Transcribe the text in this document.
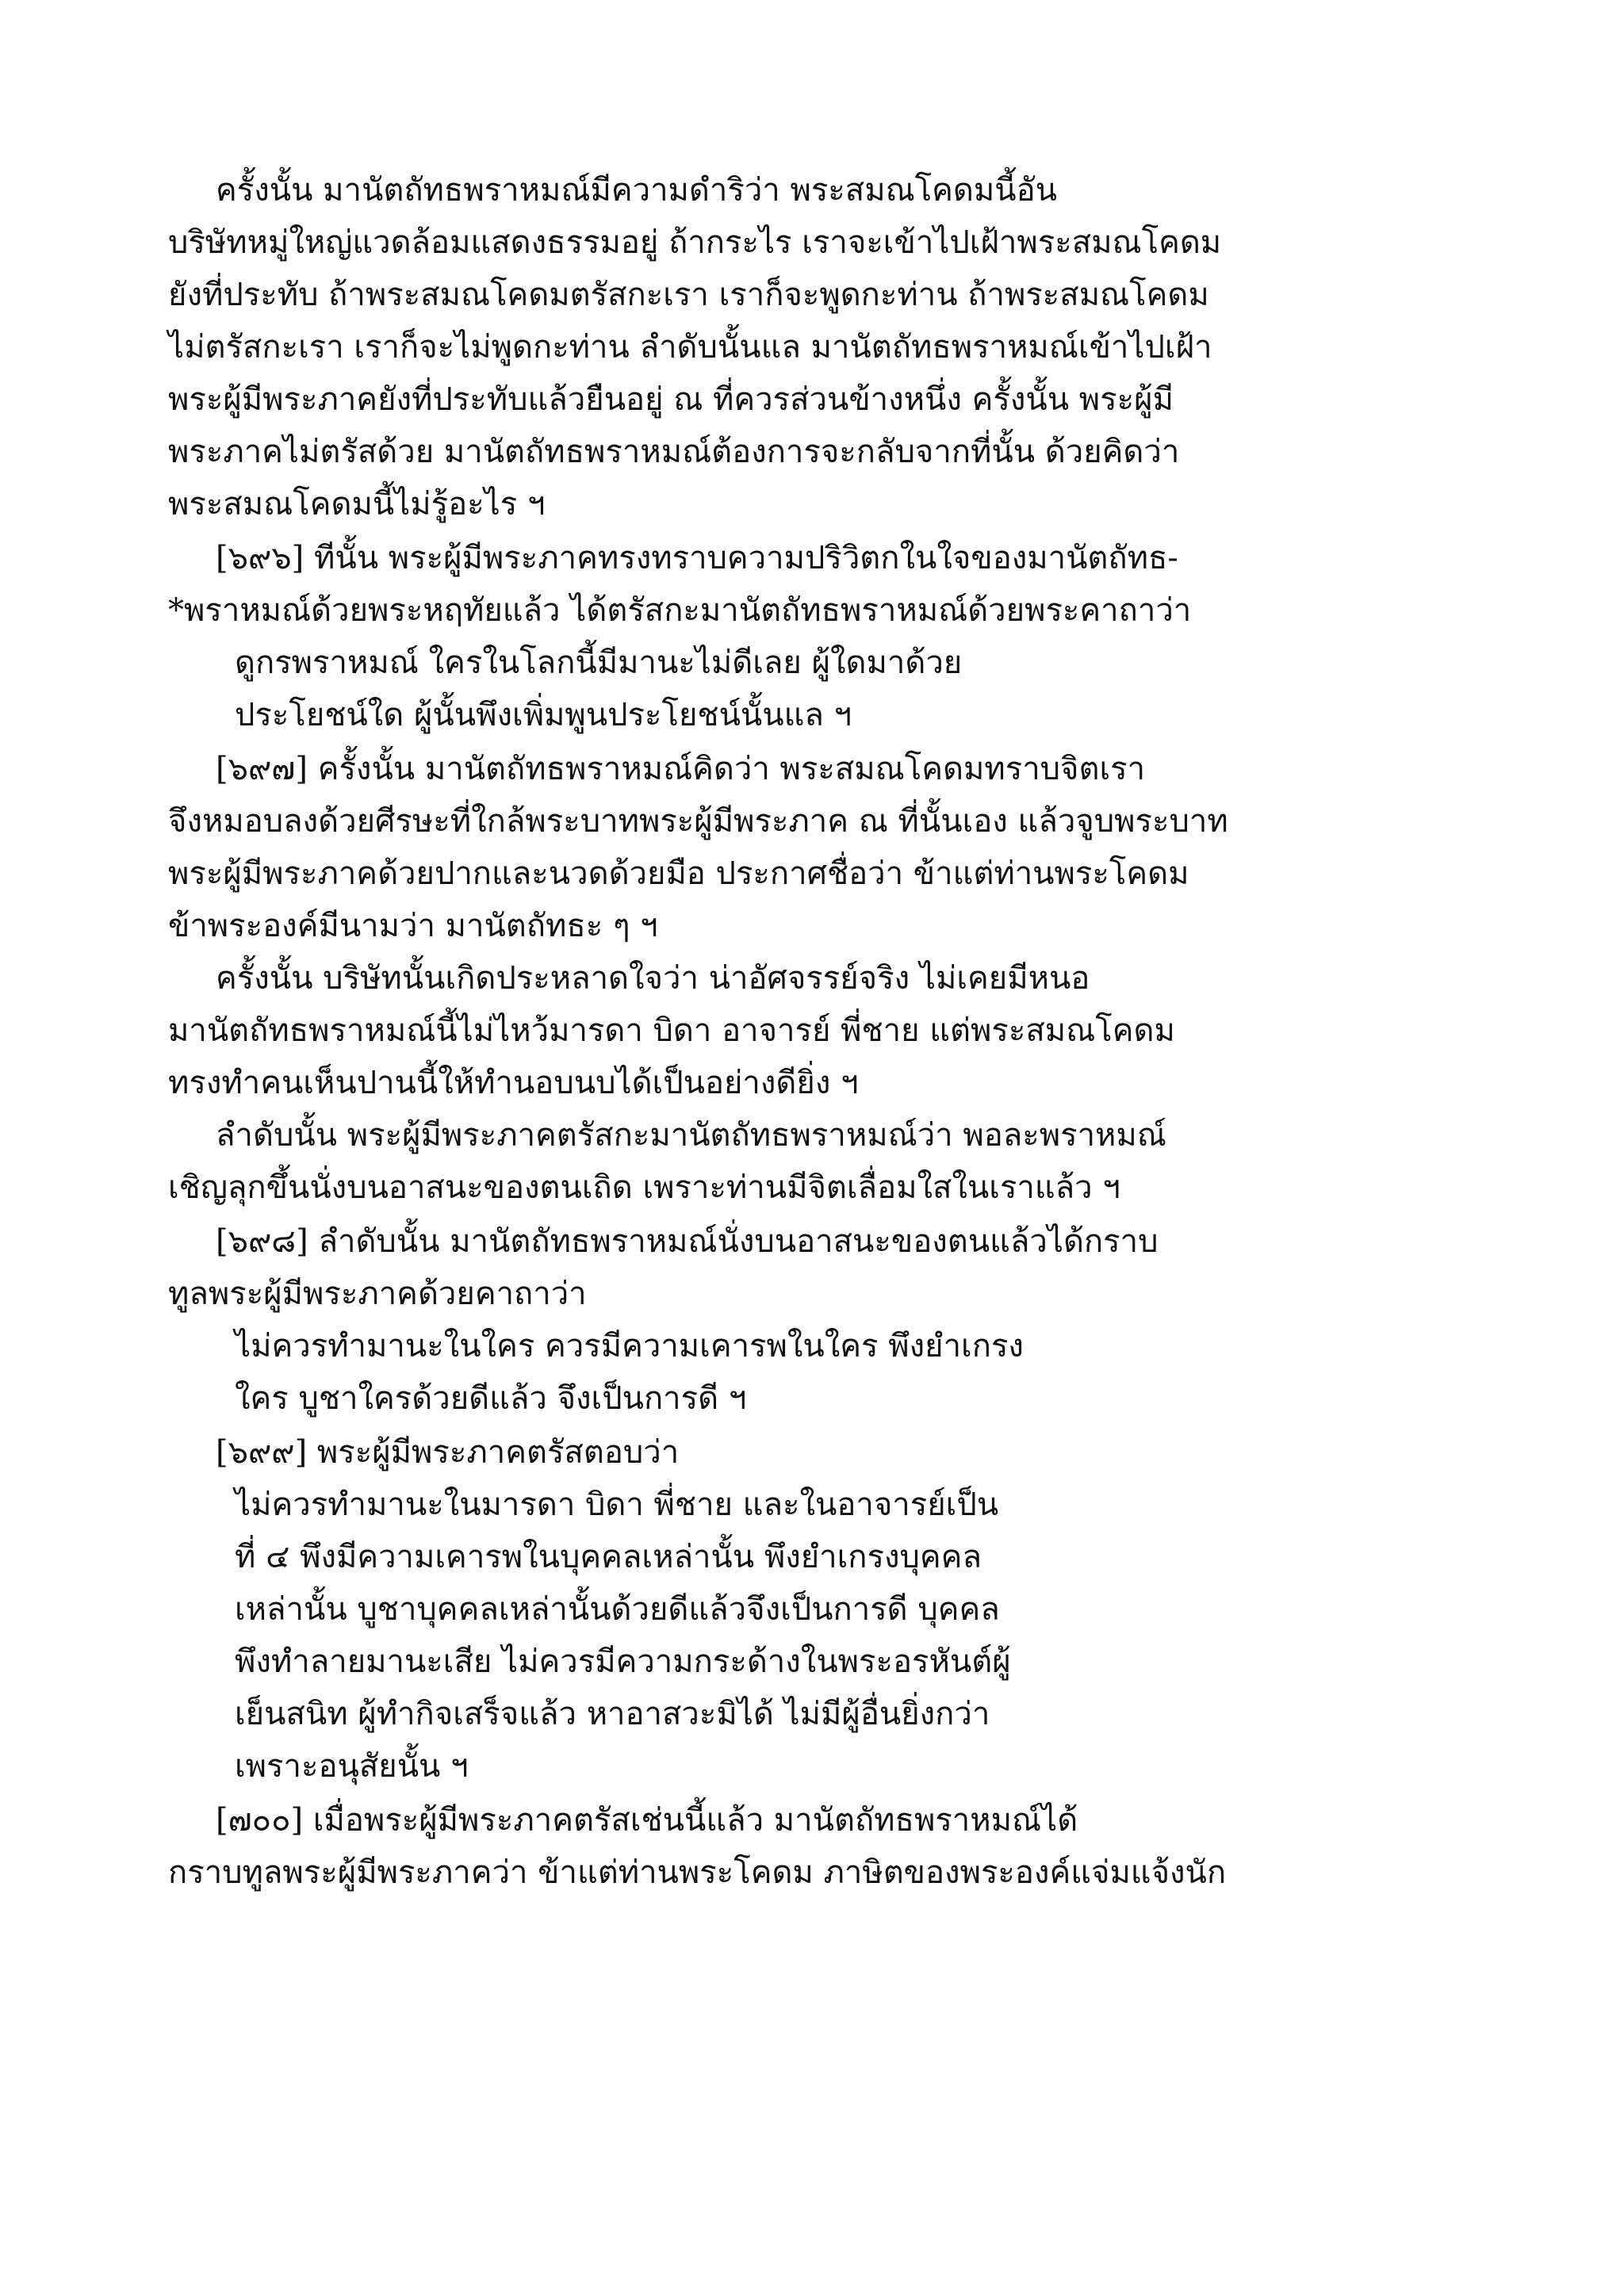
ครั้งนั้น มานัตถัทธพราหมณ์มีความดำริว่า พระสมณโคดมนี้อัน
บริษัทหมู่ใหญ่แวดล้อมแสดงธรรมอยู่ ถ้ากระไร เราจะเข้าไปเฝ้าพระสมณโคดม
ยังที่ประทับ ถ้าพระสมณโคดมตรัสกะเรา เราก็จะพูดกะท่าน ถ้าพระสมณโคดม
ไม่ตรัสกะเรา เราก็จะไม่พูดกะท่าน ลำดับนั้นแล มานัตถัทธพราหมณ์เข้าไปเฝ้า
พระผู้มีพระภาคยังที่ประทับแล้วยืนอยู่ ณ ที่ควรส่วนข้างหนึ่ง ครั้งนั้น พระผู้มี
พระภาคไม่ตรัสด้วย มานัตถัทธพราหมณ์ต้องการจะกลับจากที่นั้น ด้วยคิดว่า
พระสมณโคดมนี้ไม่รู้อะไร ฯ
[๖๙๖] ทีนั้น พระผู้มีพระภาคทรงทราบความปริวิตกในใจของมานัตถัทธ-
*พราหมณ์ด้วยพระหฤทัยแล้ว ได้ตรัสกะมานัตถัทธพราหมณ์ด้วยพระคาถาว่า
ดูกรพราหมณ์ ใครในโลกนี้มีมานะไม่ดีเลย ผู้ใดมาด้วย
ประโยชน์ใด ผู้นั้นพึงเพิ่มพูนประโยชน์นั้นแล ฯ
[๖๙๗] ครั้งนั้น มานัตถัทธพราหมณ์คิดว่า พระสมณโคดมทราบจิตเรา
จึงหมอบลงด้วยศีรษะที่ใกล้พระบาทพระผู้มีพระภาค ณ ที่นั้นเอง แล้วจูบพระบาท
พระผู้มีพระภาคด้วยปากและนวดด้วยมือ ประกาศชื่อว่า ข้าแต่ท่านพระโคดม
ข้าพระองค์มีนามว่า มานัตถัทธะ ๆ ฯ
ครั้งนั้น บริษัทนั้นเกิดประหลาดใจว่า น่าอัศจรรย์จริง ไม่เคยมีหนอ
มานัตถัทธพราหมณ์นี้ไม่ไหว้มารดา บิดา อาจารย์ พี่ชาย แต่พระสมณโคดม
ทรงทำคนเห็นปานนี้ให้ทำนอบนบได้เป็นอย่างดียิ่ง ฯ
ลำดับนั้น พระผู้มีพระภาคตรัสกะมานัตถัทธพราหมณ์ว่า พอละพราหมณ์
เชิญลุกขึ้นนั่งบนอาสนะของตนเถิด เพราะท่านมีจิตเลื่อมใสในเราแล้ว ฯ
[๖๙๘] ลำดับนั้น มานัตถัทธพราหมณ์นั่งบนอาสนะของตนแล้วได้กราบ
ทูลพระผู้มีพระภาคด้วยคาถาว่า
ไม่ควรทำมานะในใคร ควรมีความเคารพในใคร พึงยำเกรง
ใคร บูชาใครด้วยดีแล้ว จึงเป็นการดี ฯ
[๖๙๙] พระผู้มีพระภาคตรัสตอบว่า
ไม่ควรทำมานะในมารดา บิดา พี่ชาย และในอาจารย์เป็น
ที่ ๔ พึงมีความเคารพในบุคคลเหล่านั้น พึงยำเกรงบุคคล
เหล่านั้น บูชาบุคคลเหล่านั้นด้วยดีแล้วจึงเป็นการดี บุคคล
พึงทำลายมานะเสีย ไม่ควรมีความกระด้างในพระอรหันต์ผู้
เย็นสนิท ผู้ทำกิจเสร็จแล้ว หาอาสวะมิได้ ไม่มีผู้อื่นยิ่งกว่า
เพราะอนุสัยนั้น ฯ
[๗๐๐] เมื่อพระผู้มีพระภาคตรัสเช่นนี้แล้ว มานัตถัทธพราหมณ์ได้
กราบทูลพระผู้มีพระภาคว่า ข้าแต่ท่านพระโคดม ภาษิตของพระองค์แจ่มแจ้งนัก
